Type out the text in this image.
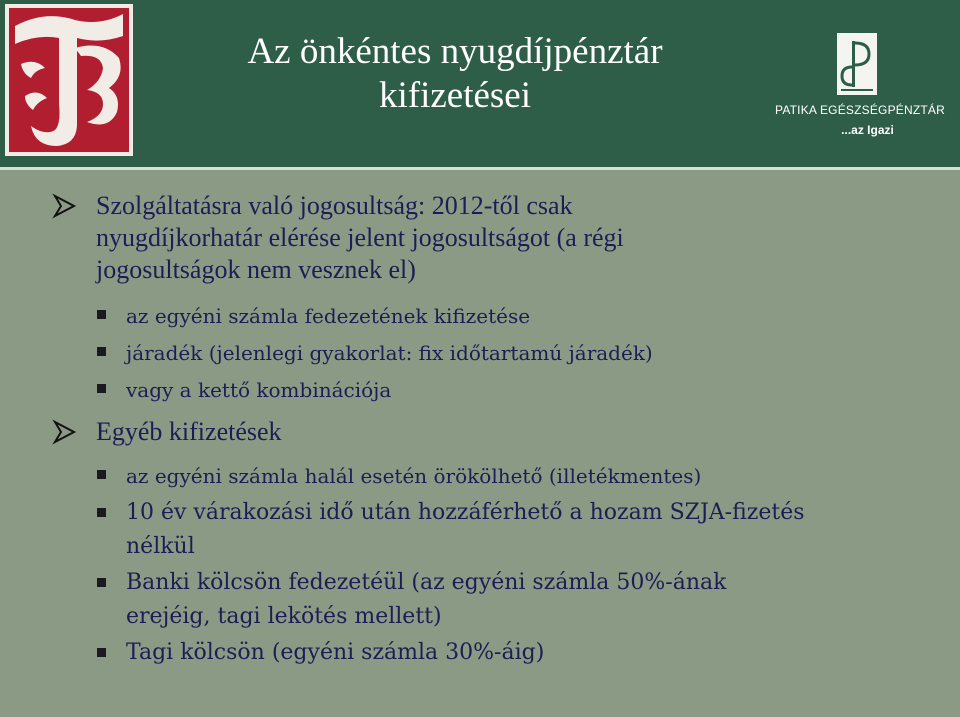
Az önkéntes nyugdíjpénztár
kifizetései	PATIKA EGÉSZSÉGPÉNZTÁR
...az Igazi
Szolgáltatásra való jogosultság: 2012-től csak
nyugdíjkorhatár elérése jelent jogosultságot (a régi
jogosultságok nem vesznek el)
az egyéni számla fedezetének kifizetése
járadék (jelenlegi gyakorlat: fix időtartamú járadék)
vagy a kettő kombinációja
Egyéb kifizetések
az egyéni számla halál esetén örökölhető (illetékmentes)
10 év várakozási idő után hozzáférhető a hozam SZJA-fizetés
nélkül
Banki kölcsön fedezetéül (az egyéni számla 50%-ának
erejéig, tagi lekötés mellett)
Tagi kölcsön (egyéni számla 30%-áig)
